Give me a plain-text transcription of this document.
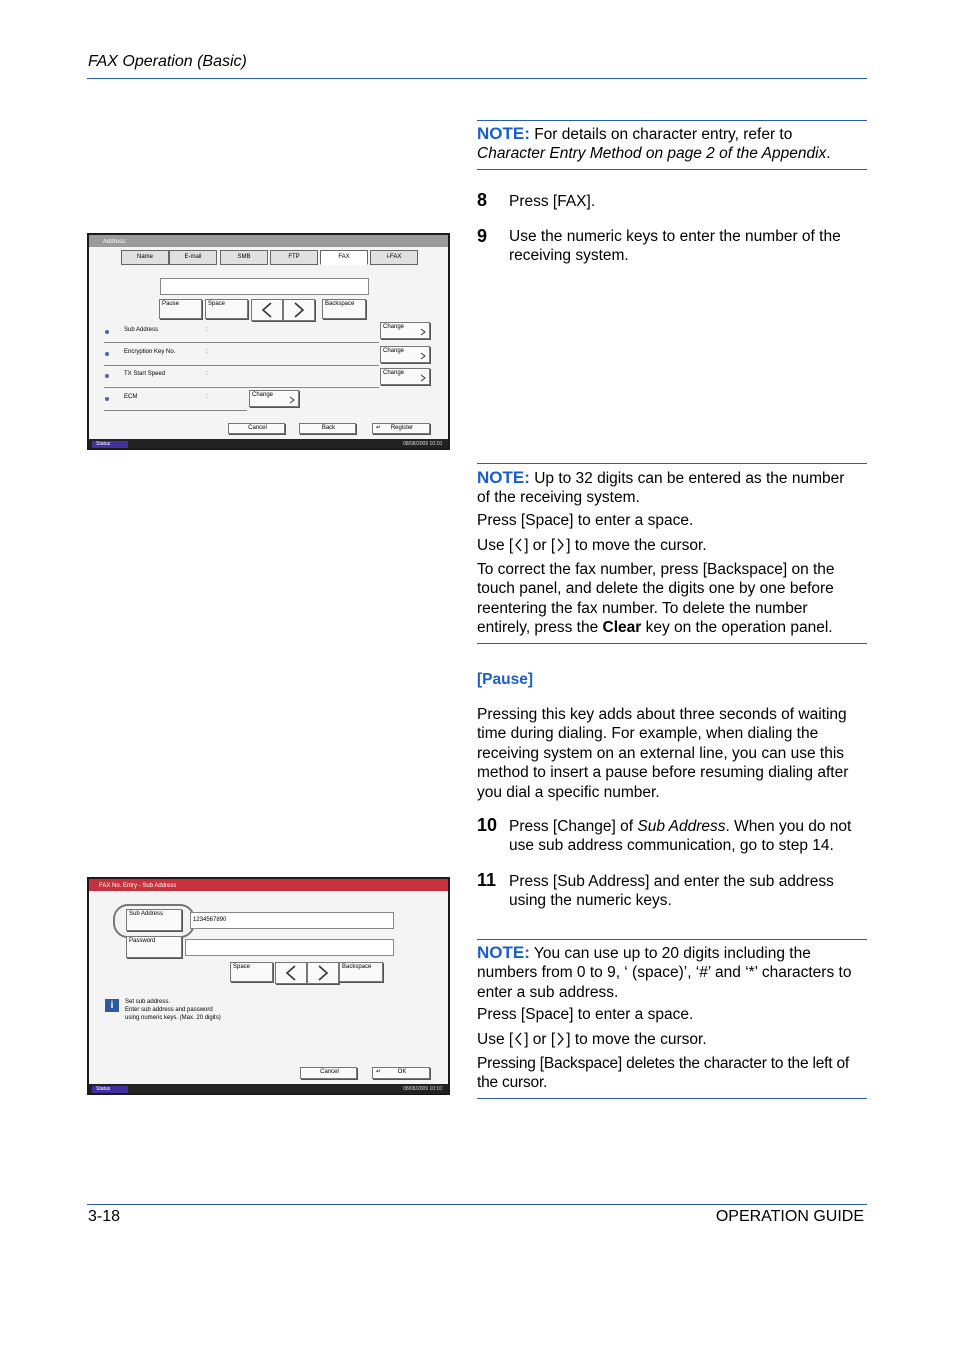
FAX Operation (Basic)
NOTE: For details on character entry, refer to
Character Entry Method on page 2 of the Appendix.
8 Press [FAX].
9 Use the numeric keys to enter the number of the
receiving system.
Address:
Name	E-mail	SMB	FTP	FAX	i-FAX
Pause	Space	Backspace
Sub Address	:	Change
Encryption Key No.	:	Change
TX Start Speed	:	Change
ECM	:	Change
Cancel	Back	↵ Register
Status	08/08/2009 10:10
NOTE: Up to 32 digits can be entered as the number
of the receiving system.
Press [Space] to enter a space.
Use [ ] or [ ] to move the cursor.
To correct the fax number, press [Backspace] on the
touch panel, and delete the digits one by one before
reentering the fax number. To delete the number
entirely, press the Clear key on the operation panel.
[Pause]
Pressing this key adds about three seconds of waiting
time during dialing. For example, when dialing the
receiving system on an external line, you can use this
method to insert a pause before resuming dialing after
you dial a specific number.
10 Press [Change] of Sub Address. When you do not
use sub address communication, go to step 14.
11 Press [Sub Address] and enter the sub address
using the numeric keys.
FAX No. Entry - Sub Address
Sub Address
1234567890
Password
Space	Backspace
i	Set sub address.
Enter sub address and password
using numeric keys. (Max. 20 digits)
Cancel	↵	OK
Status	08/08/2009 10:10
NOTE: You can use up to 20 digits including the
numbers from 0 to 9, ‘ (space)’, ‘#’ and ‘*’ characters to
enter a sub address.
Press [Space] to enter a space.
Use [ ] or [ ] to move the cursor.
Pressing [Backspace] deletes the character to the left of
the cursor.
3-18	OPERATION GUIDE
